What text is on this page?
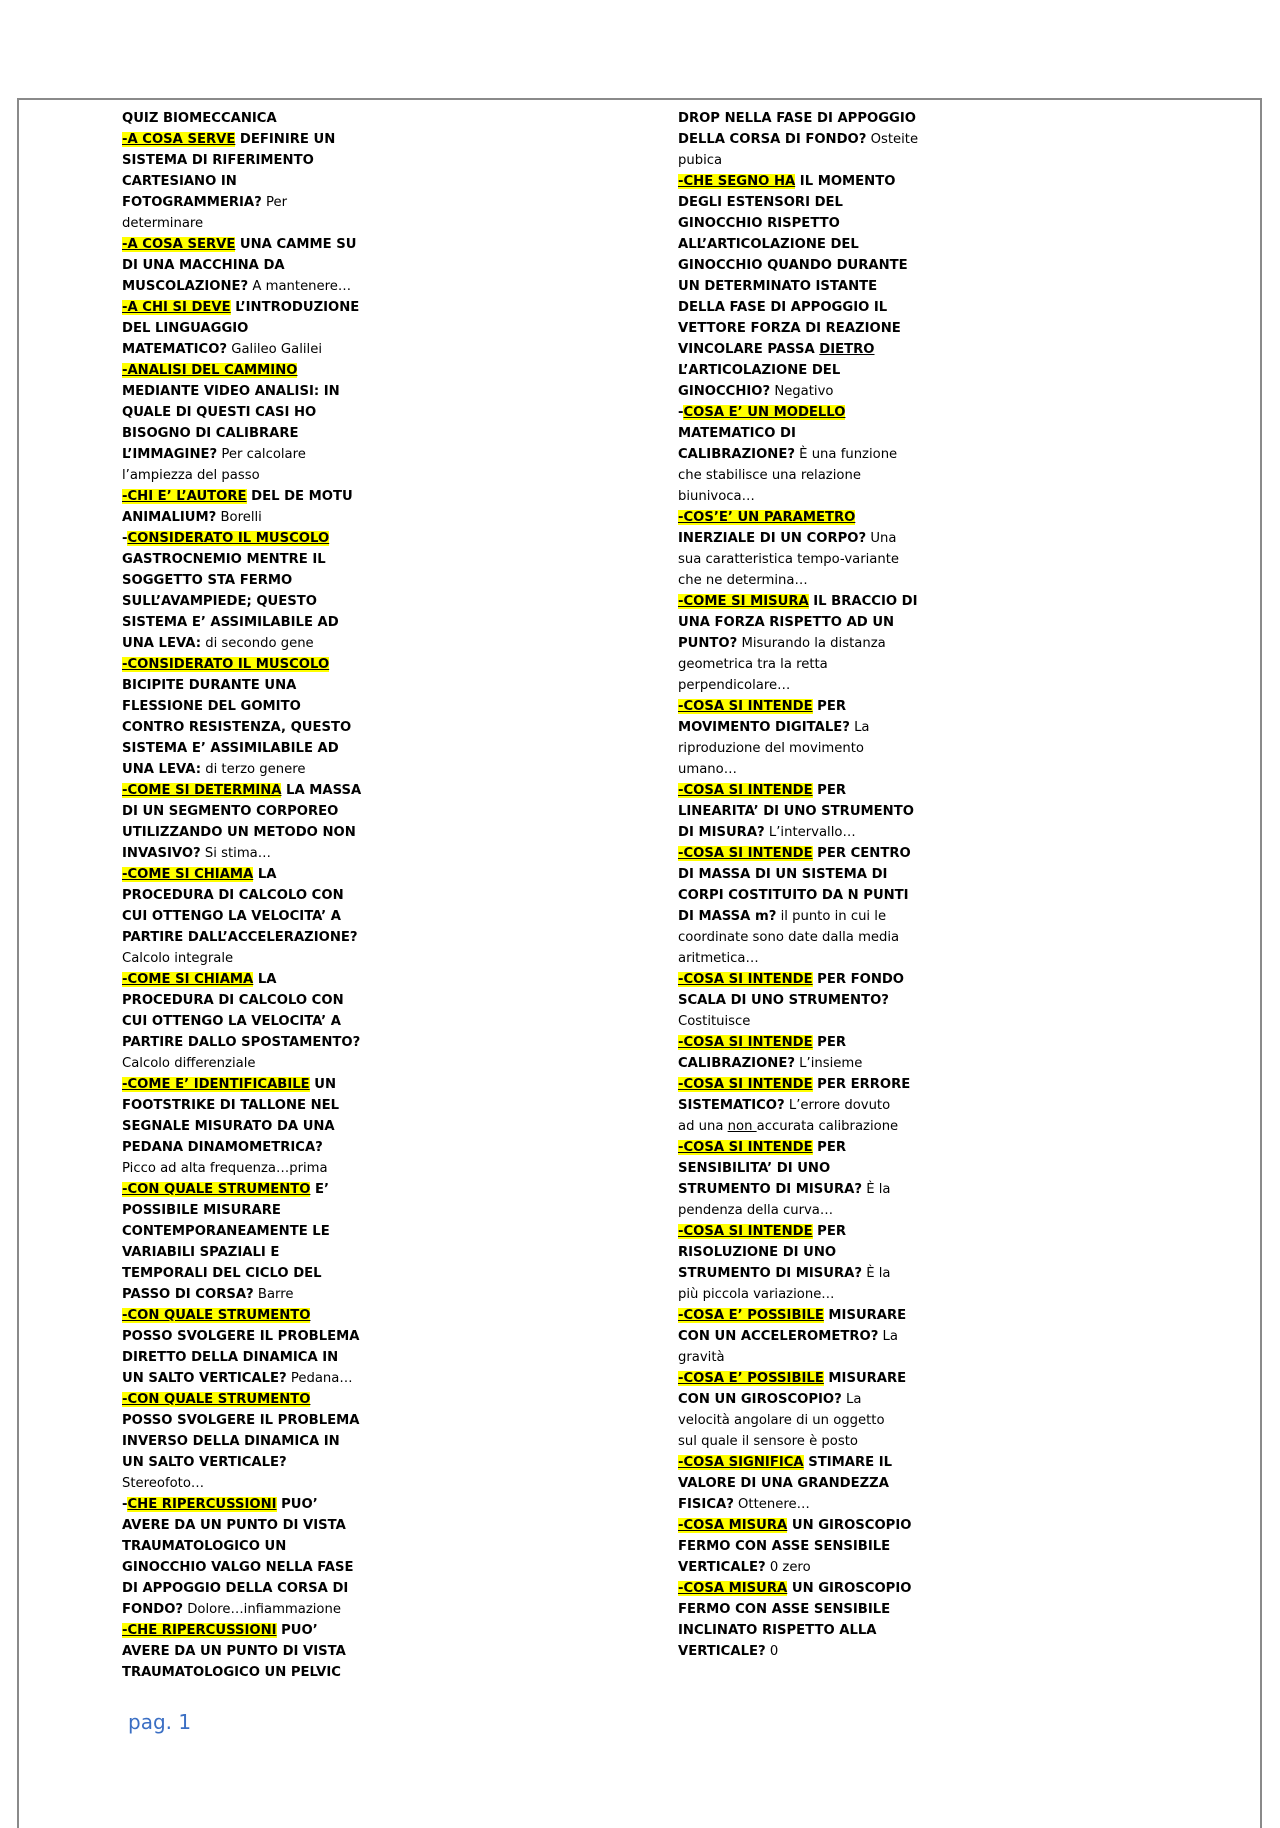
QUIZ BIOMECCANICA
-A COSA SERVE DEFINIRE UN
SISTEMA DI RIFERIMENTO
CARTESIANO IN
FOTOGRAMMERIA? Per
determinare
-A COSA SERVE UNA CAMME SU
DI UNA MACCHINA DA
MUSCOLAZIONE? A mantenere…
-A CHI SI DEVE L’INTRODUZIONE
DEL LINGUAGGIO
MATEMATICO? Galileo Galilei
-ANALISI DEL CAMMINO
MEDIANTE VIDEO ANALISI: IN
QUALE DI QUESTI CASI HO
BISOGNO DI CALIBRARE
L’IMMAGINE? Per calcolare
l’ampiezza del passo
-CHI E’ L’AUTORE DEL DE MOTU
ANIMALIUM? Borelli
-CONSIDERATO IL MUSCOLO
GASTROCNEMIO MENTRE IL
SOGGETTO STA FERMO
SULL’AVAMPIEDE; QUESTO
SISTEMA E’ ASSIMILABILE AD
UNA LEVA: di secondo gene
-CONSIDERATO IL MUSCOLO
BICIPITE DURANTE UNA
FLESSIONE DEL GOMITO
CONTRO RESISTENZA, QUESTO
SISTEMA E’ ASSIMILABILE AD
UNA LEVA: di terzo genere
-COME SI DETERMINA LA MASSA
DI UN SEGMENTO CORPOREO
UTILIZZANDO UN METODO NON
INVASIVO? Si stima…
-COME SI CHIAMA LA
PROCEDURA DI CALCOLO CON
CUI OTTENGO LA VELOCITA’ A
PARTIRE DALL’ACCELERAZIONE?
Calcolo integrale
-COME SI CHIAMA LA
PROCEDURA DI CALCOLO CON
CUI OTTENGO LA VELOCITA’ A
PARTIRE DALLO SPOSTAMENTO?
Calcolo differenziale
-COME E’ IDENTIFICABILE UN
FOOTSTRIKE DI TALLONE NEL
SEGNALE MISURATO DA UNA
PEDANA DINAMOMETRICA?
Picco ad alta frequenza…prima
-CON QUALE STRUMENTO E’
POSSIBILE MISURARE
CONTEMPORANEAMENTE LE
VARIABILI SPAZIALI E
TEMPORALI DEL CICLO DEL
PASSO DI CORSA? Barre
-CON QUALE STRUMENTO
POSSO SVOLGERE IL PROBLEMA
DIRETTO DELLA DINAMICA IN
UN SALTO VERTICALE? Pedana…
-CON QUALE STRUMENTO
POSSO SVOLGERE IL PROBLEMA
INVERSO DELLA DINAMICA IN
UN SALTO VERTICALE?
Stereofoto…
-CHE RIPERCUSSIONI PUO’
AVERE DA UN PUNTO DI VISTA
TRAUMATOLOGICO UN
GINOCCHIO VALGO NELLA FASE
DI APPOGGIO DELLA CORSA DI
FONDO? Dolore…infiammazione
-CHE RIPERCUSSIONI PUO’
AVERE DA UN PUNTO DI VISTA
TRAUMATOLOGICO UN PELVIC
DROP NELLA FASE DI APPOGGIO
DELLA CORSA DI FONDO? Osteite
pubica
-CHE SEGNO HA IL MOMENTO
DEGLI ESTENSORI DEL
GINOCCHIO RISPETTO
ALL’ARTICOLAZIONE DEL
GINOCCHIO QUANDO DURANTE
UN DETERMINATO ISTANTE
DELLA FASE DI APPOGGIO IL
VETTORE FORZA DI REAZIONE
VINCOLARE PASSA DIETRO
L’ARTICOLAZIONE DEL
GINOCCHIO? Negativo
-COSA E’ UN MODELLO
MATEMATICO DI
CALIBRAZIONE? È una funzione
che stabilisce una relazione
biunivoca…
-COS’E’ UN PARAMETRO
INERZIALE DI UN CORPO? Una
sua caratteristica tempo-variante
che ne determina…
-COME SI MISURA IL BRACCIO DI
UNA FORZA RISPETTO AD UN
PUNTO? Misurando la distanza
geometrica tra la retta
perpendicolare…
-COSA SI INTENDE PER
MOVIMENTO DIGITALE? La
riproduzione del movimento
umano…
-COSA SI INTENDE PER
LINEARITA’ DI UNO STRUMENTO
DI MISURA? L’intervallo…
-COSA SI INTENDE PER CENTRO
DI MASSA DI UN SISTEMA DI
CORPI COSTITUITO DA N PUNTI
DI MASSA m? il punto in cui le
coordinate sono date dalla media
aritmetica…
-COSA SI INTENDE PER FONDO
SCALA DI UNO STRUMENTO?
Costituisce
-COSA SI INTENDE PER
CALIBRAZIONE? L’insieme
-COSA SI INTENDE PER ERRORE
SISTEMATICO? L’errore dovuto
ad una non accurata calibrazione
-COSA SI INTENDE PER
SENSIBILITA’ DI UNO
STRUMENTO DI MISURA? È la
pendenza della curva…
-COSA SI INTENDE PER
RISOLUZIONE DI UNO
STRUMENTO DI MISURA? È la
più piccola variazione…
-COSA E’ POSSIBILE MISURARE
CON UN ACCELEROMETRO? La
gravità
-COSA E’ POSSIBILE MISURARE
CON UN GIROSCOPIO? La
velocità angolare di un oggetto
sul quale il sensore è posto
-COSA SIGNIFICA STIMARE IL
VALORE DI UNA GRANDEZZA
FISICA? Ottenere…
-COSA MISURA UN GIROSCOPIO
FERMO CON ASSE SENSIBILE
VERTICALE? 0 zero
-COSA MISURA UN GIROSCOPIO
FERMO CON ASSE SENSIBILE
INCLINATO RISPETTO ALLA
VERTICALE? 0
pag. 1
